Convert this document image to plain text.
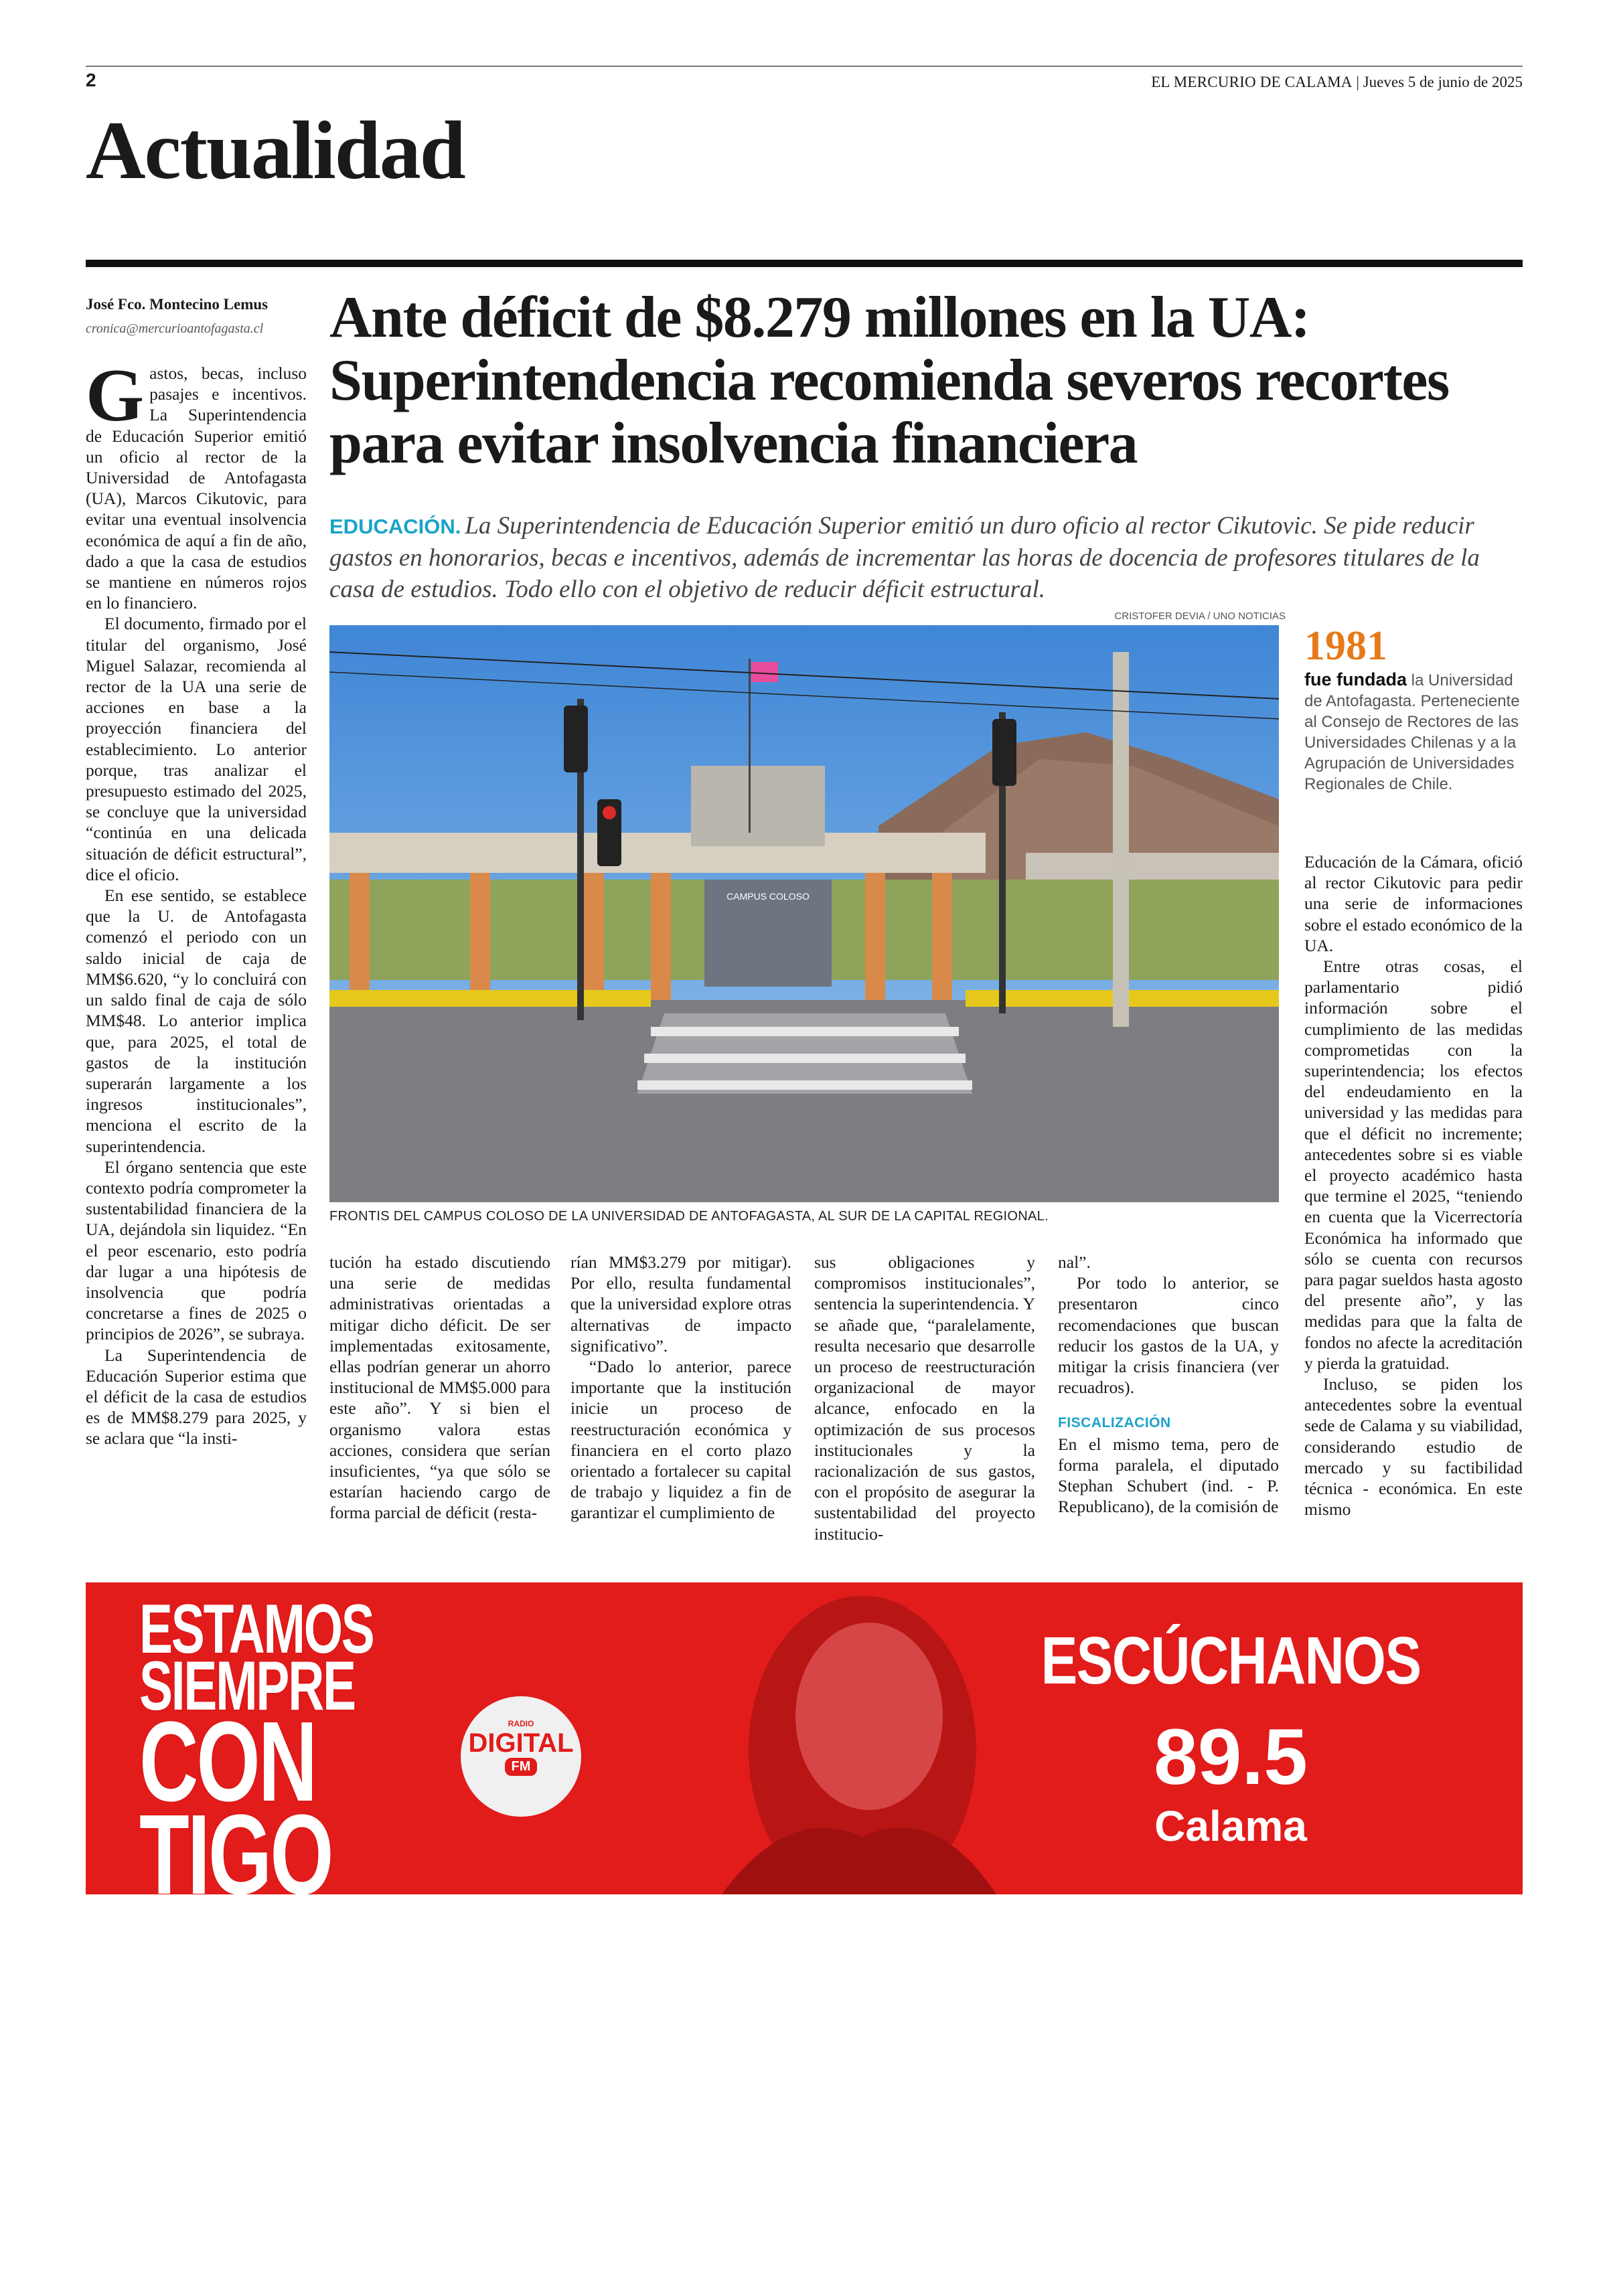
2	EL MERCURIO DE CALAMA | Jueves 5 de junio de 2025
Actualidad
José Fco. Montecino Lemus
cronica@mercurioantofagasta.cl	Ante déficit de $8.279 millones en la UA: Superintendencia recomienda severos recortes para evitar insolvencia financiera
EDUCACIÓN. La Superintendencia de Educación Superior emitió un duro oficio al rector Cikutovic. Se pide reducir gastos en honorarios, becas e incentivos, además de incrementar las horas de docencia de profesores titulares de la casa de estudios. Todo ello con el objetivo de reducir déficit estructural.
CRISTOFER DEVIA / UNO NOTICIAS
CAMPUS COLOSO
FRONTIS DEL CAMPUS COLOSO DE LA UNIVERSIDAD DE ANTOFAGASTA, AL SUR DE LA CAPITAL REGIONAL.

Gastos, becas, incluso pasajes e incentivos. La Superintendencia de Educación Superior emitió un oficio al rector de la Universidad de Antofagasta (UA), Marcos Cikutovic, para evitar una eventual insolvencia económica de aquí a fin de año, dado a que la casa de estudios se mantiene en números rojos en lo financiero.

El documento, firmado por el titular del organismo, José Miguel Salazar, recomienda al rector de la UA una serie de acciones en base a la proyección financiera del establecimiento. Lo anterior porque, tras analizar el presupuesto estimado del 2025, se concluye que la universidad “continúa en una delicada situación de déficit estructural”, dice el oficio.

En ese sentido, se establece que la U. de Antofagasta comenzó el periodo con un saldo inicial de caja de MM$6.620, “y lo concluirá con un saldo final de caja de sólo MM$48. Lo anterior implica que, para 2025, el total de gastos de la institución superarán largamente a los ingresos institucionales”, menciona el escrito de la superintendencia.

El órgano sentencia que este contexto podría comprometer la sustentabilidad financiera de la UA, dejándola sin liquidez. “En el peor escenario, esto podría dar lugar a una hipótesis de insolvencia que podría concretarse a fines de 2025 o principios de 2026”, se subraya.

La Superintendencia de Educación Superior estima que el déficit de la casa de estudios es de MM$8.279 para 2025, y se aclara que “la insti-

tución ha estado discutiendo una serie de medidas administrativas orientadas a mitigar dicho déficit. De ser implementadas exitosamente, ellas podrían generar un ahorro institucional de MM$5.000 para este año”. Y si bien el organismo valora estas acciones, considera que serían insuficientes, “ya que sólo se estarían haciendo cargo de forma parcial de déficit (resta-

rían MM$3.279 por mitigar). Por ello, resulta fundamental que la universidad explore otras alternativas de impacto significativo”.

“Dado lo anterior, parece importante que la institución inicie un proceso de reestructuración económica y financiera en el corto plazo orientado a fortalecer su capital de trabajo y liquidez a fin de garantizar el cumplimiento de

sus obligaciones y compromisos institucionales”, sentencia la superintendencia. Y se añade que, “paralelamente, resulta necesario que desarrolle un proceso de reestructuración organizacional de mayor alcance, enfocado en la optimización de sus procesos institucionales y la racionalización de sus gastos, con el propósito de asegurar la sustentabilidad del proyecto institucio-

nal”.

Por todo lo anterior, se presentaron cinco recomendaciones que buscan reducir los gastos de la UA, y mitigar la crisis financiera (ver recuadros).

FISCALIZACIÓN

En el mismo tema, pero de forma paralela, el diputado Stephan Schubert (ind. - P. Republicano), de la comisión de

1981
fue fundada la Universidad de Antofagasta. Perteneciente al Consejo de Rectores de las Universidades Chilenas y a la Agrupación de Universidades Regionales de Chile.

Educación de la Cámara, ofició al rector Cikutovic para pedir una serie de informaciones sobre el estado económico de la UA.

Entre otras cosas, el parlamentario pidió información sobre el cumplimiento de las medidas comprometidas con la superintendencia; los efectos del endeudamiento en la universidad y las medidas para que el déficit no incremente; antecedentes sobre si es viable el proyecto académico hasta que termine el 2025, “teniendo en cuenta que la Vicerrectoría Económica ha informado que sólo se cuenta con recursos para pagar sueldos hasta agosto del presente año”, y las medidas para que la falta de fondos no afecte la acreditación y pierda la gratuidad.

Incluso, se piden los antecedentes sobre la eventual sede de Calama y su viabilidad, considerando estudio de mercado y su factibilidad técnica - económica. En este mismo

ESTAMOS
SIEMPRE
CON
TIGO
RADIO
DIGITAL
FM
ESCÚCHANOS
89.5
Calama
